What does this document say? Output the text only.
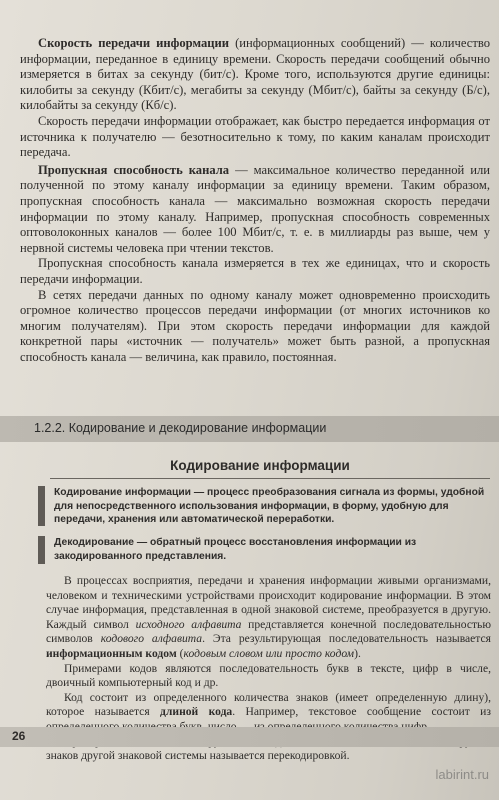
Скорость передачи информации (информационных сообщений) — количество информации, переданное в единицу времени. Скорость передачи сообщений обычно измеряется в битах за секунду (бит/с). Кроме того, используются другие единицы: килобиты за секунду (Кбит/с), мегабиты за секунду (Мбит/с), байты за секунду (Б/с), килобайты за секунду (Кб/с).

Скорость передачи информации отображает, как быстро передается информация от источника к получателю — безотносительно к тому, по каким каналам происходит передача.

Пропускная способность канала — максимальное количество переданной или полученной по этому каналу информации за единицу времени. Таким образом, пропускная способность канала — максимально возможная скорость передачи информации по этому каналу. Например, пропускная способность современных оптоволоконных каналов — более 100 Мбит/с, т. е. в миллиарды раз выше, чем у нервной системы человека при чтении текстов.

Пропускная способность канала измеряется в тех же единицах, что и скорость передачи информации.

В сетях передачи данных по одному каналу может одновременно происходить огромное количество процессов передачи информации (от многих источников ко многим получателям). При этом скорость передачи информации для каждой конкретной пары «источник — получатель» может быть разной, а пропускная способность канала — величина, как правило, постоянная.

1.2.2. Кодирование и декодирование информации
Кодирование информации
Кодирование информации — процесс преобразования сигнала из формы, удобной для непосредственного использования информации, в форму, удобную для передачи, хранения или автоматической переработки.
Декодирование — обратный процесс восстановления информации из закодированного представления.

В процессах восприятия, передачи и хранения информации живыми организмами, человеком и техническими устройствами происходит кодирование информации. В этом случае информация, представленная в одной знаковой системе, преобразуется в другую. Каждый символ исходного алфавита представляется конечной последовательностью символов кодового алфавита. Эта результирующая последовательность называется информационным кодом (кодовым словом или просто кодом).

Примерами кодов являются последовательность букв в тексте, цифр в числе, двоичный компьютерный код и др.

Код состоит из определенного количества знаков (имеет определенную длину), которое называется длиной кода. Например, текстовое сообщение состоит из

знаков другой знаковой системы называется перекодировкой.

26
labirint.ru
